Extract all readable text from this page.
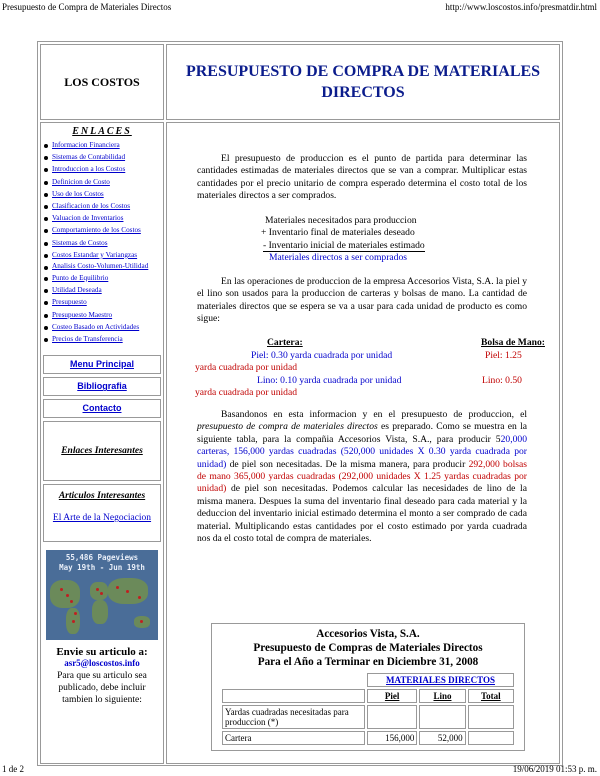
Presupuesto de Compra de Materiales Directos	http://www.loscostos.info/presmatdir.html
LOS COSTOS
PRESUPUESTO DE COMPRA DE MATERIALES DIRECTOS
ENLACES
Informacion Financiera
Sistemas de Contabilidad
Introduccion a los Costos
Definicion de Costo
Uso de los Costos
Clasificacion de los Costos
Valuacion de Inventarios
Comportamiento de los Costos
Sistemas de Costos
Costos Estandar y Variangzas
Analisis Costo-Volumen-Utilidad
Punto de Equilibrio
Utilidad Deseada
Presupuesto
Presupuesto Maestro
Costeo Basado en Actividades
Precios de Transferencia
Menu Principal
Bibliografia
Contacto
Enlaces Interesantes
Articulos Interesantes
El Arte de la Negociacion
55,486 Pageviews
May 19th - Jun 19th
Envie su articulo a:
asr5@loscostos.info
Para que su articulo sea publicado, debe incluir tambien lo siguiente:
El presupuesto de produccion es el punto de partida para determinar las cantidades estimadas de materiales directos que se van a comprar. Multiplicar estas cantidades por el precio unitario de compra esperado determina el costo total de los materiales directos a ser comprados.
Materiales necesitados para produccion
+ Inventario final de materiales deseado
- Inventario inicial de materiales estimado
Materiales directos a ser comprados
En las operaciones de produccion de la empresa Accesorios Vista, S.A. la piel y el lino son usados para la produccion de carteras y bolsas de mano. La cantidad de materiales directos que se espera se va a usar para cada unidad de producto es como sigue:
Cartera:	Bolsa de Mano:
Piel: 0.30 yarda cuadrada por unidad	Piel: 1.25 yarda cuadrada por unidad
Lino: 0.10 yarda cuadrada por unidad	Lino: 0.50 yarda cuadrada por unidad
Basandonos en esta informacion y en el presupuesto de produccion, el presupuesto de compra de materiales directos es preparado. Como se muestra en la siguiente tabla, para la compañia Accesorios Vista, S.A., para producir 520,000 carteras, 156,000 yardas cuadradas (520,000 unidades X 0.30 yarda cuadrada por unidad) de piel son necesitadas. De la misma manera, para producir 292,000 bolsas de mano 365,000 yardas cuadradas (292,000 unidades X 1.25 yardas cuadradas por unidad) de piel son necesitadas. Podemos calcular las necesidades de lino de la misma manera. Despues la suma del inventario final deseado para cada material y la deduccion del inventario inicial estimado determina el monto a ser comprado de cada material. Multiplicando estas cantidades por el costo estimado por yarda cuadrada nos da el costo total de compra de materiales.
Accesorios Vista, S.A.
Presupuesto de Compras de Materiales Directos
Para el Año a Terminar en Diciembre 31, 2008
	MATERIALES DIRECTOS		
	Piel	Lino	Total
Yardas cuadradas necesitadas para produccion (*)			
Cartera	156,000	52,000	
1 de 2	19/06/2019 01:53 p. m.
